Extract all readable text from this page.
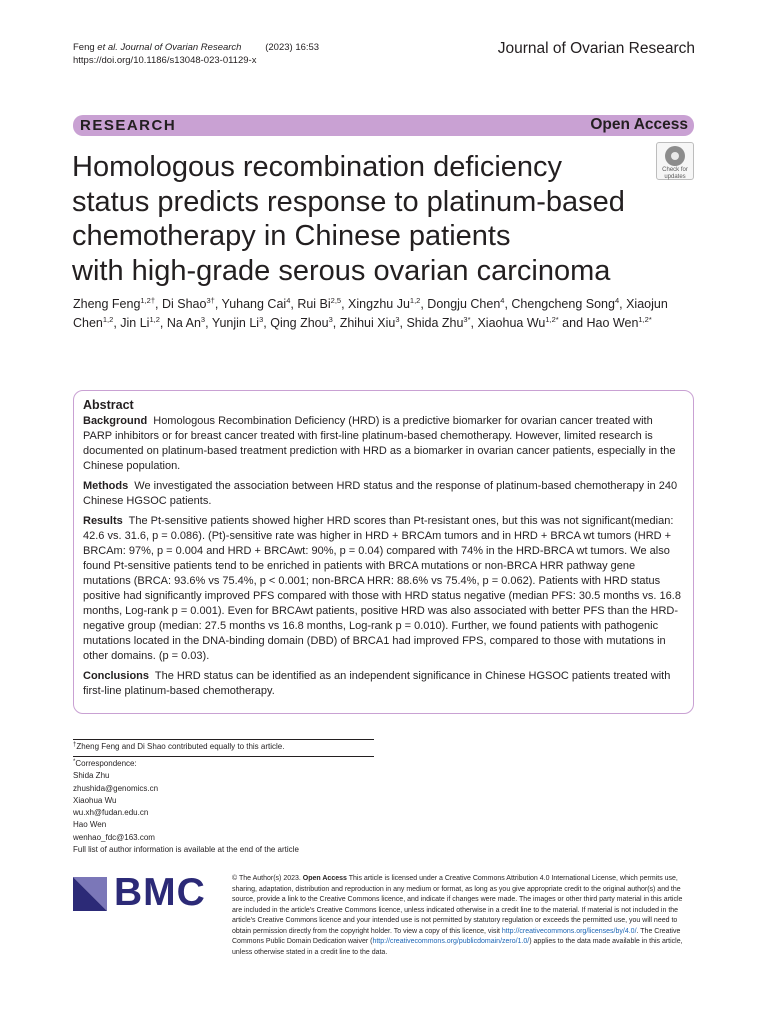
Feng et al. Journal of Ovarian Research	(2023) 16:53
https://doi.org/10.1186/s13048-023-01129-x
Journal of Ovarian Research
RESEARCH	Open Access
Check for
updates
Homologous recombination deficiency
status predicts response to platinum-based
chemotherapy in Chinese patients
with high-grade serous ovarian carcinoma
Zheng Feng$^{1,2\dagger}$, Di Shao$^{3\dagger}$, Yuhang Cai$^4$, Rui Bi$^{2,5}$, Xingzhu Ju$^{1,2}$, Dongju Chen$^4$, Chengcheng Song$^4$, Xiaojun Chen$^{1,2}$, Jin Li$^{1,2}$, Na An$^3$, Yunjin Li$^3$, Qing Zhou$^3$, Zhihui Xiu$^3$, Shida Zhu$^{3*}$, Xiaohua $Wu^{1,2*}$ and Hao Wen$^{1,2*}$
Abstract

Background Homologous Recombination Deficiency (HRD) is a predictive biomarker for ovarian cancer treated with PARP inhibitors or for breast cancer treated with first-line platinum-based chemotherapy. However, limited research is documented on platinum-based treatment prediction with HRD as a biomarker in ovarian cancer patients, especially in the Chinese population.

Methods We investigated the association between HRD status and the response of platinum-based chemotherapy in 240 Chinese HGSOC patients.

Results The Pt-sensitive patients showed higher HRD scores than Pt-resistant ones, but this was not significant(median: 42.6 vs. 31.6, p = 0.086). (Pt)-sensitive rate was higher in HRD + BRCAm tumors and in HRD + BRCA wt tumors (HRD + BRCAm: 97%, p = 0.004 and HRD + BRCAwt: 90%, p = 0.04) compared with 74% in the HRD-BRCA wt tumors. We also found Pt-sensitive patients tend to be enriched in patients with BRCA mutations or non-BRCA HRR pathway gene mutations (BRCA: 93.6% vs 75.4%, p < 0.001; non-BRCA HRR: 88.6% vs 75.4%, p = 0.062). Patients with HRD status positive had significantly improved PFS compared with those with HRD status negative (median PFS: 30.5 months vs. 16.8 months, Log-rank p = 0.001). Even for BRCAwt patients, positive HRD was also associated with better PFS than the HRD-negative group (median: 27.5 months vs 16.8 months, Log-rank p = 0.010). Further, we found patients with pathogenic mutations located in the DNA-binding domain (DBD) of BRCA1 had improved FPS, compared to those with mutations in other domains. (p = 0.03).

Conclusions The HRD status can be identified as an independent significance in Chinese HGSOC patients treated with first-line platinum-based chemotherapy.

†Zheng Feng and Di Shao contributed equally to this article.
*Correspondence:
Shida Zhu
zhushida@genomics.cn
Xiaohua Wu
wu.xh@fudan.edu.cn
Hao Wen
wenhao_fdc@163.com
Full list of author information is available at the end of the article
BMC	© The Author(s) 2023. Open Access This article is licensed under a Creative Commons Attribution 4.0 International License, which permits use, sharing, adaptation, distribution and reproduction in any medium or format, as long as you give appropriate credit to the original author(s) and the source, provide a link to the Creative Commons licence, and indicate if changes were made. The images or other third party material in this article are included in the article's Creative Commons licence, unless indicated otherwise in a credit line to the material. If material is not included in the article's Creative Commons licence and your intended use is not permitted by statutory regulation or exceeds the permitted use, you will need to obtain permission directly from the copyright holder. To view a copy of this licence, visit http://creativecommons.org/licenses/by/4.0/. The Creative Commons Public Domain Dedication waiver (http://creativecommons.org/publicdomain/zero/1.0/) applies to the data made available in this article, unless otherwise stated in a credit line to the data.
